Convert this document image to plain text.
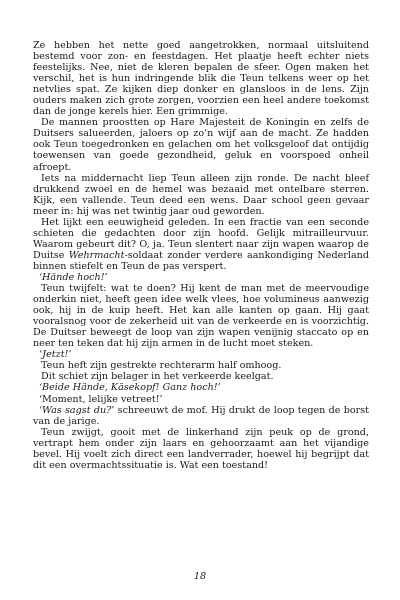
Ze hebben het nette goed aangetrokken, normaal uitsluitend bestemd voor zon- en feestdagen. Het plaatje heeft echter niets feestelijks. Nee, niet de kleren bepalen de sfeer. Ogen maken het verschil, het is hun indringende blik die Teun telkens weer op het netvlies spat. Ze kijken diep donker en glansloos in de lens. Zijn ouders maken zich grote zorgen, voorzien een heel andere toekomst dan de jonge kerels hier. Een grimmige.

De mannen proostten op Hare Majesteit de Koningin en zelfs de Duitsers salueerden, jaloers op zo’n wijf aan de macht. Ze hadden ook Teun toegedronken en gelachen om het volksgeloof dat ontijdig toewensen van goede gezondheid, geluk en voorspoed onheil afroept.

Iets na middernacht liep Teun alleen zijn ronde. De nacht bleef drukkend zwoel en de hemel was bezaaid met ontelbare sterren. Kijk, een vallende. Teun deed een wens. Daar school geen gevaar meer in: hij was net twintig jaar oud geworden.

Het lijkt een eeuwigheid geleden. In een fractie van een seconde schieten die gedachten door zijn hoofd. Gelijk mitrailleurvuur. Waarom gebeurt dit? O, ja. Teun slentert naar zijn wapen waarop de Duitse Wehrmacht-soldaat zonder verdere aankondiging Nederland binnen stiefelt en Teun de pas verspert.

‘Hände hoch!’

Teun twijfelt: wat te doen? Hij kent de man met de meervoudige onderkin niet, heeft geen idee welk vlees, hoe volumineus aanwezig ook, hij in de kuip heeft. Het kan alle kanten op gaan. Hij gaat vooralsnog voor de zekerheid uit van de verkeerde en is voorzichtig. De Duitser beweegt de loop van zijn wapen venijnig staccato op en neer ten teken dat hij zijn armen in de lucht moet steken.

‘Jetzt!’

Teun heft zijn gestrekte rechterarm half omhoog.

Dit schiet zijn belager in het verkeerde keelgat.

‘Beide Hände, Käsekopf! Ganz hoch!’

‘Moment, lelijke vetreet!’

‘Was sagst du?’ schreeuwt de mof. Hij drukt de loop tegen de borst van de jarige.

Teun zwijgt, gooit met de linkerhand zijn peuk op de grond, vertrapt hem onder zijn laars en gehoorzaamt aan het vijandige bevel. Hij voelt zich direct een landverrader, hoewel hij begrijpt dat dit een overmachtssituatie is. Wat een toestand!

18
